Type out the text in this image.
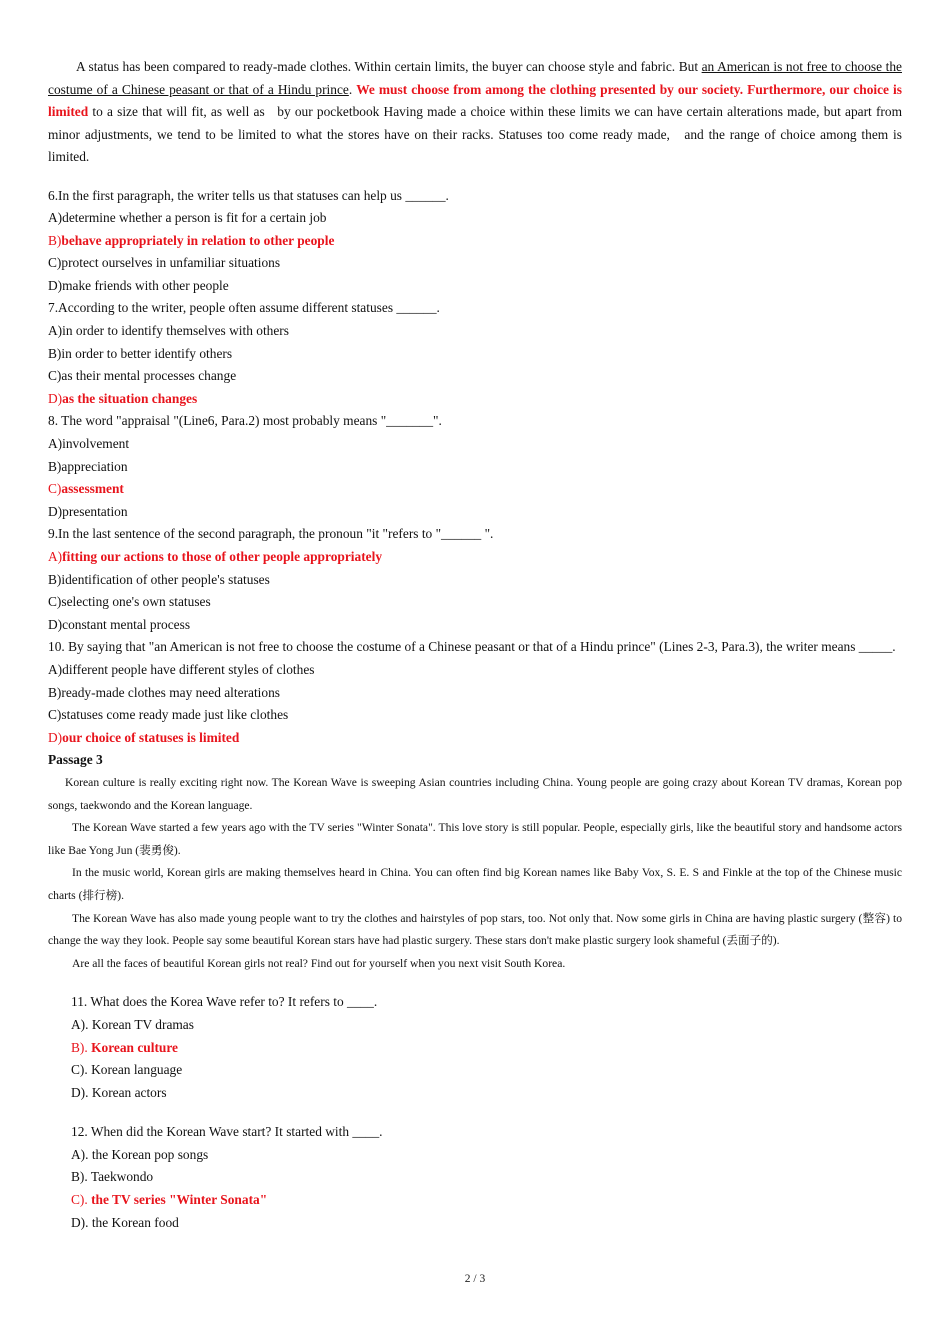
A status has been compared to ready-made clothes. Within certain limits, the buyer can choose style and fabric. But an American is not free to choose the costume of a Chinese peasant or that of a Hindu prince. We must choose from among the clothing presented by our society. Furthermore, our choice is limited to a size that will fit, as well as   by our pocketbook Having made a choice within these limits we can have certain alterations made, but apart from minor adjustments, we tend to be limited to what the stores have on their racks. Statuses too come ready made,   and the range of choice among them is limited.

6.In the first paragraph, the writer tells us that statuses can help us ______.

A)determine whether a person is fit for a certain job

B)behave appropriately in relation to other people

C)protect ourselves in unfamiliar situations

D)make friends with other people

7.According to the writer, people often assume different statuses ______.

A)in order to identify themselves with others

B)in order to better identify others

C)as their mental processes change

D)as the situation changes

8. The word "appraisal "(Line6, Para.2) most probably means "_______".

A)involvement

B)appreciation

C)assessment

D)presentation

9.In the last sentence of the second paragraph, the pronoun "it "refers to "______ ".

A)fitting our actions to those of other people appropriately

B)identification of other people's statuses

C)selecting one's own statuses

D)constant mental process

10. By saying that "an American is not free to choose the costume of a Chinese peasant or that of a Hindu prince" (Lines 2-3, Para.3), the writer means _____.

A)different people have different styles of clothes

B)ready-made clothes may need alterations

C)statuses come ready made just like clothes

D)our choice of statuses is limited

Passage 3

Korean culture is really exciting right now. The Korean Wave is sweeping Asian countries including China. Young people are going crazy about Korean TV dramas, Korean pop songs, taekwondo and the Korean language.

The Korean Wave started a few years ago with the TV series "Winter Sonata". This love story is still popular. People, especially girls, like the beautiful story and handsome actors like Bae Yong Jun (裴勇俊).

In the music world, Korean girls are making themselves heard in China. You can often find big Korean names like Baby Vox, S. E. S and Finkle at the top of the Chinese music charts (排行榜).

The Korean Wave has also made young people want to try the clothes and hairstyles of pop stars, too. Not only that. Now some girls in China are having plastic surgery (整容) to change the way they look. People say some beautiful Korean stars have had plastic surgery. These stars don't make plastic surgery look shameful (丢面子的).

Are all the faces of beautiful Korean girls not real? Find out for yourself when you next visit South Korea.

11. What does the Korea Wave refer to? It refers to ____.

A). Korean TV dramas

B). Korean culture

C). Korean language

D). Korean actors

12. When did the Korean Wave start? It started with ____.

A). the Korean pop songs

B). Taekwondo

C). the TV series "Winter Sonata"

D). the Korean food

2 / 3
